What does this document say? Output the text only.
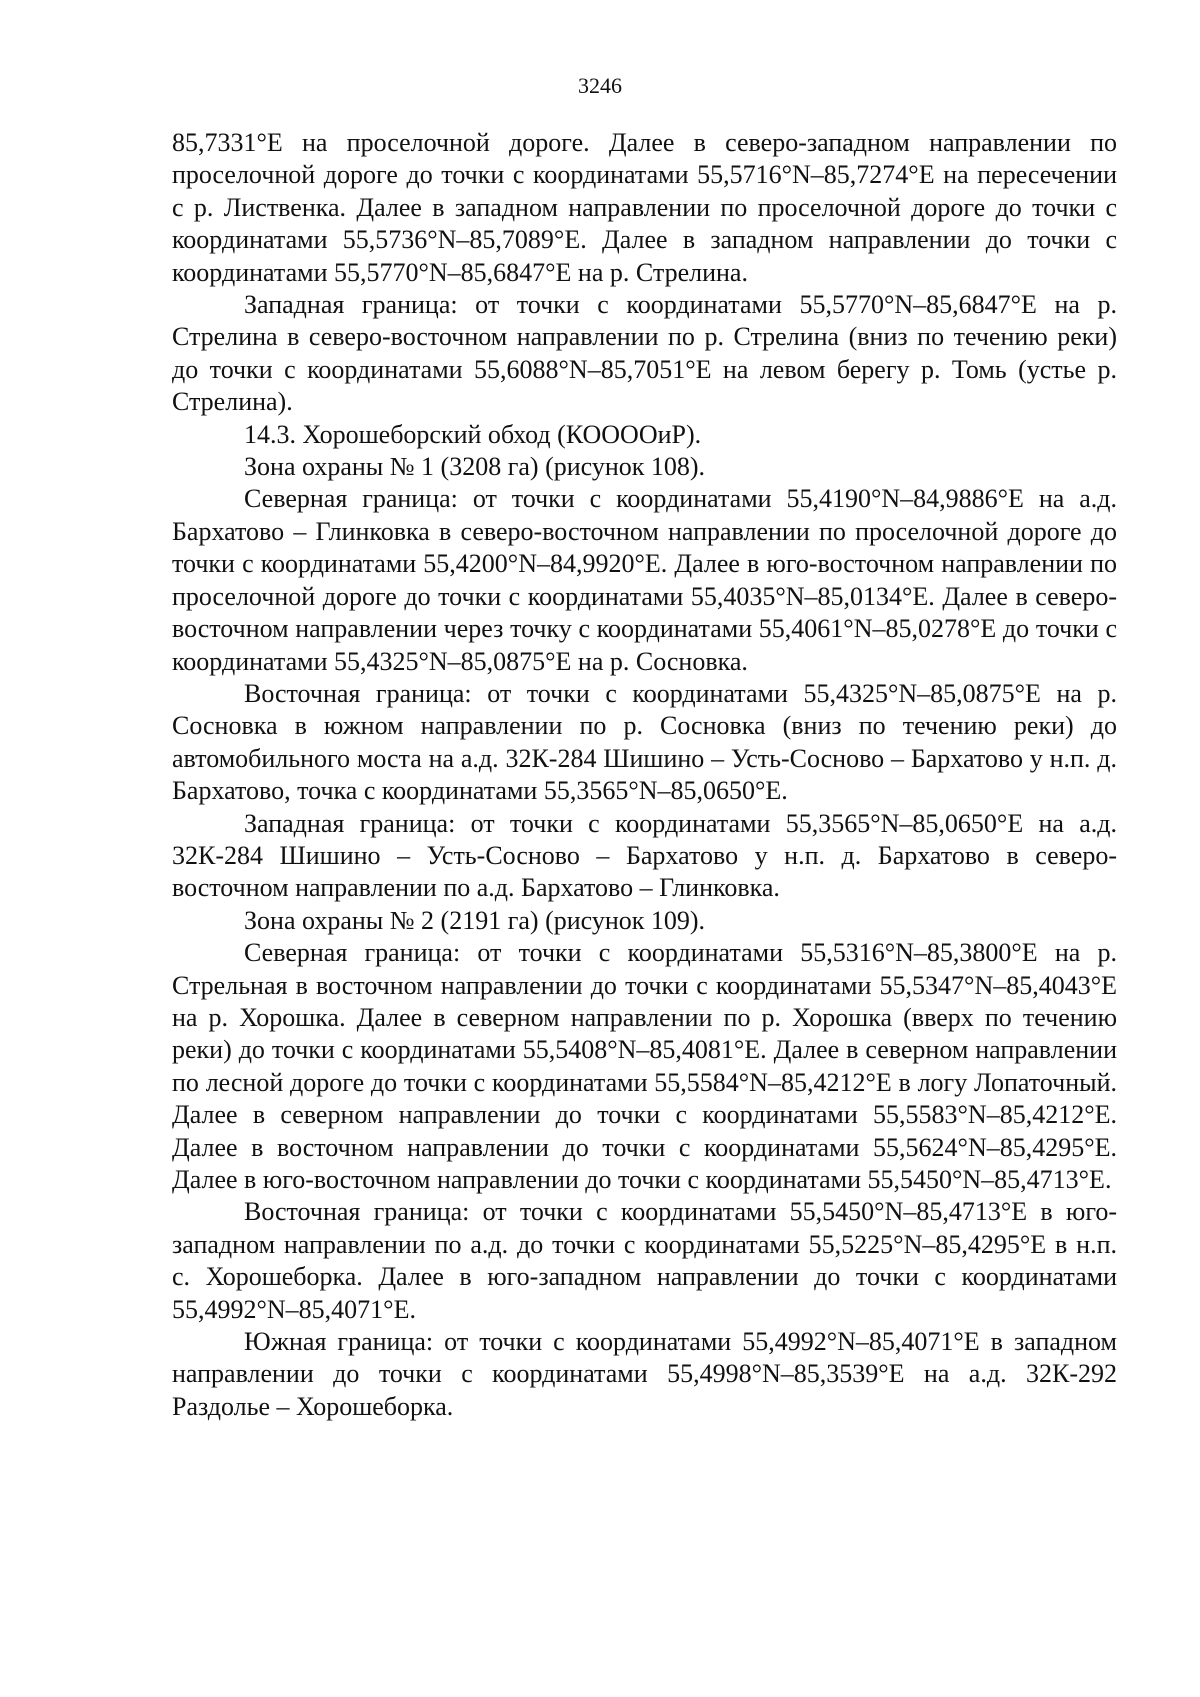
3246

85,7331°E на проселочной дороге. Далее в северо-западном направлении по проселочной дороге до точки с координатами 55,5716°N–85,7274°E на пересечении с р. Лиственка. Далее в западном направлении по проселочной дороге до точки с координатами 55,5736°N–85,7089°E. Далее в западном направлении до точки с координатами 55,5770°N–85,6847°E на р. Стрелина.

Западная граница: от точки с координатами 55,5770°N–85,6847°E на р. Стрелина в северо-восточном направлении по р. Стрелина (вниз по течению реки) до точки с координатами 55,6088°N–85,7051°E на левом берегу р. Томь (устье р. Стрелина).

14.3. Хорошеборский обход (КООООиР).

Зона охраны № 1 (3208 га) (рисунок 108).

Северная граница: от точки с координатами 55,4190°N–84,9886°E на а.д. Бархатово – Глинковка в северо-восточном направлении по проселочной дороге до точки с координатами 55,4200°N–84,9920°E. Далее в юго-восточном направлении по проселочной дороге до точки с координатами 55,4035°N–85,0134°E. Далее в северо-восточном направлении через точку с координатами 55,4061°N–85,0278°E до точки с координатами 55,4325°N–85,0875°E на р. Сосновка.

Восточная граница: от точки с координатами 55,4325°N–85,0875°E на р. Сосновка в южном направлении по р. Сосновка (вниз по течению реки) до автомобильного моста на а.д. 32К-284 Шишино – Усть-Сосново – Бархатово у н.п. д. Бархатово, точка с координатами 55,3565°N–85,0650°E.

Западная граница: от точки с координатами 55,3565°N–85,0650°E на а.д. 32К-284 Шишино – Усть-Сосново – Бархатово у н.п. д. Бархатово в северо-восточном направлении по а.д. Бархатово – Глинковка.

Зона охраны № 2 (2191 га) (рисунок 109).

Северная граница: от точки с координатами 55,5316°N–85,3800°E на р. Стрельная в восточном направлении до точки с координатами 55,5347°N–85,4043°E на р. Хорошка. Далее в северном направлении по р. Хорошка (вверх по течению реки) до точки с координатами 55,5408°N–85,4081°E. Далее в северном направлении по лесной дороге до точки с координатами 55,5584°N–85,4212°E в логу Лопаточный. Далее в северном направлении до точки с координатами 55,5583°N–85,4212°E. Далее в восточном направлении до точки с координатами 55,5624°N–85,4295°E. Далее в юго-восточном направлении до точки с координатами 55,5450°N–85,4713°E.

Восточная граница: от точки с координатами 55,5450°N–85,4713°E в юго-западном направлении по а.д. до точки с координатами 55,5225°N–85,4295°E в н.п. с. Хорошеборка. Далее в юго-западном направлении до точки с координатами 55,4992°N–85,4071°E.

Южная граница: от точки с координатами 55,4992°N–85,4071°E в западном направлении до точки с координатами 55,4998°N–85,3539°E на а.д. 32К-292 Раздолье – Хорошеборка.
